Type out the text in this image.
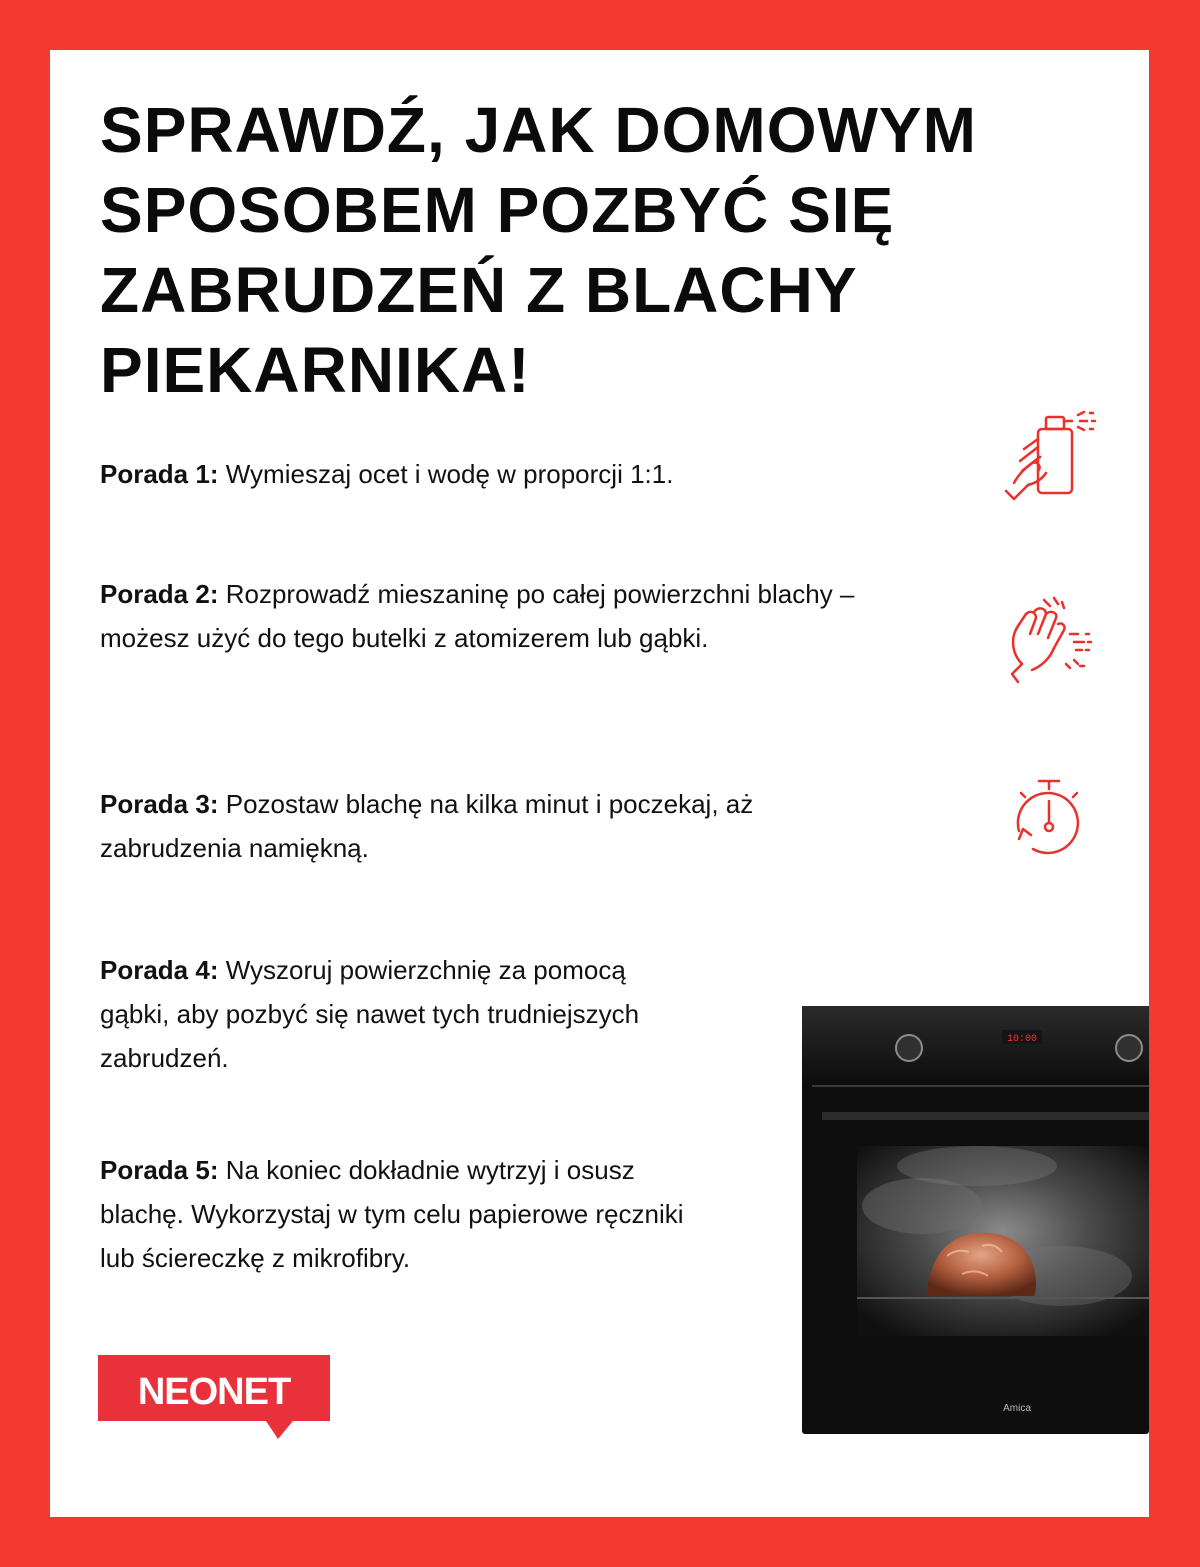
SPRAWDŹ, JAK DOMOWYM SPOSOBEM POZBYĆ SIĘ ZABRUDZEŃ Z BLACHY PIEKARNIKA!

Porada 1: Wymieszaj ocet i wodę w proporcji 1:1.

Porada 2: Rozprowadź mieszaninę po całej powierzchni blachy – możesz użyć do tego butelki z atomizerem lub gąbki.

Porada 3: Pozostaw blachę na kilka minut i poczekaj, aż zabrudzenia namiękną.

Porada 4: Wyszoruj powierzchnię za pomocą gąbki, aby pozbyć się nawet tych trudniejszych zabrudzeń.

Porada 5: Na koniec dokładnie wytrzyj i osusz blachę. Wykorzystaj w tym celu papierowe ręczniki lub ściereczkę z mikrofibry.

10:00
Amica
NEONET
